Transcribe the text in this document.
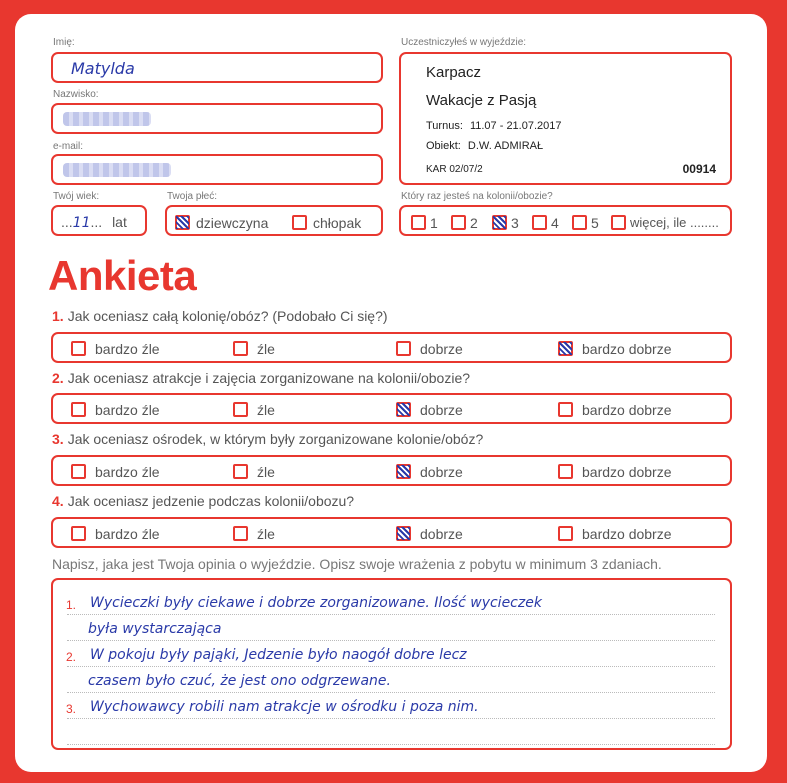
Imię:
Matylda
Nazwisko:
e-mail:
Twój wiek:
...11... lat
Twoja płeć:
dziewczyna	chłopak
Uczestniczyłeś w wyjeździe:
Karpacz
Wakacje z Pasją
Turnus: 11.07 - 21.07.2017
Obiekt: D.W. ADMIRAŁ
KAR 02/07/2	00914
Który raz jesteś na kolonii/obozie?
1	2	3	4	5	więcej, ile ........
Ankieta
1. Jak oceniasz całą kolonię/obóz? (Podobało Ci się?)
bardzo źle	źle	dobrze	bardzo dobrze
2. Jak oceniasz atrakcje i zajęcia zorganizowane na kolonii/obozie?
bardzo źle	źle	dobrze	bardzo dobrze
3. Jak oceniasz ośrodek, w którym były zorganizowane kolonie/obóz?
bardzo źle	źle	dobrze	bardzo dobrze
4. Jak oceniasz jedzenie podczas kolonii/obozu?
bardzo źle	źle	dobrze	bardzo dobrze
Napisz, jaka jest Twoja opinia o wyjeździe. Opisz swoje wrażenia z pobytu w minimum 3 zdaniach.
1. Wycieczki były ciekawe i dobrze zorganizowane. Ilość wycieczek
była wystarczająca
2. W pokoju były pająki, Jedzenie było naogół dobre lecz
czasem było czuć, że jest ono odgrzewane.
3. Wychowawcy robili nam atrakcje w ośrodku i poza nim.
